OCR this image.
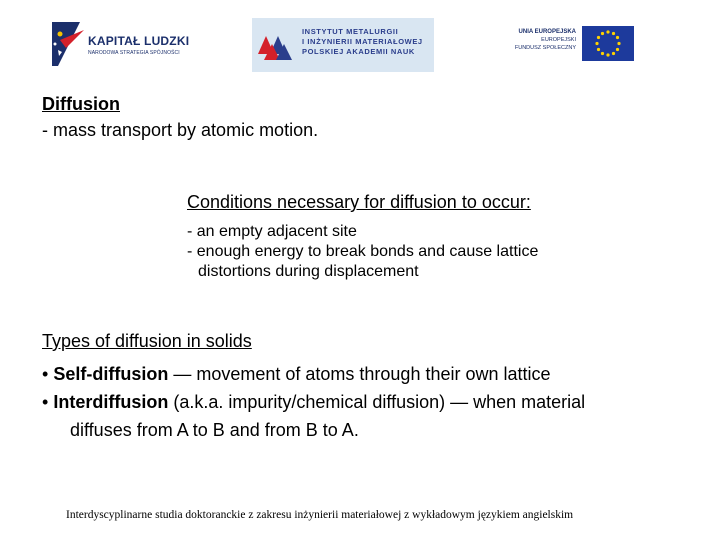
KAPITAŁ LUDZKI
NARODOWA STRATEGIA SPÓJNOŚCI
INSTYTUT METALURGII
I INŻYNIERII MATERIAŁOWEJ
POLSKIEJ AKADEMII NAUK
UNIA EUROPEJSKA
EUROPEJSKI
FUNDUSZ SPOŁECZNY
Diffusion
- mass transport by atomic motion.
Conditions necessary for diffusion to occur:
- an empty adjacent site
- enough energy to break bonds and cause lattice
distortions during displacement
Types of diffusion in solids
• Self-diffusion — movement of atoms through their own lattice
• Interdiffusion (a.k.a. impurity/chemical diffusion) — when material
diffuses from A to B and from B to A.
Interdyscyplinarne studia doktoranckie z zakresu inżynierii materiałowej z wykładowym językiem angielskim
